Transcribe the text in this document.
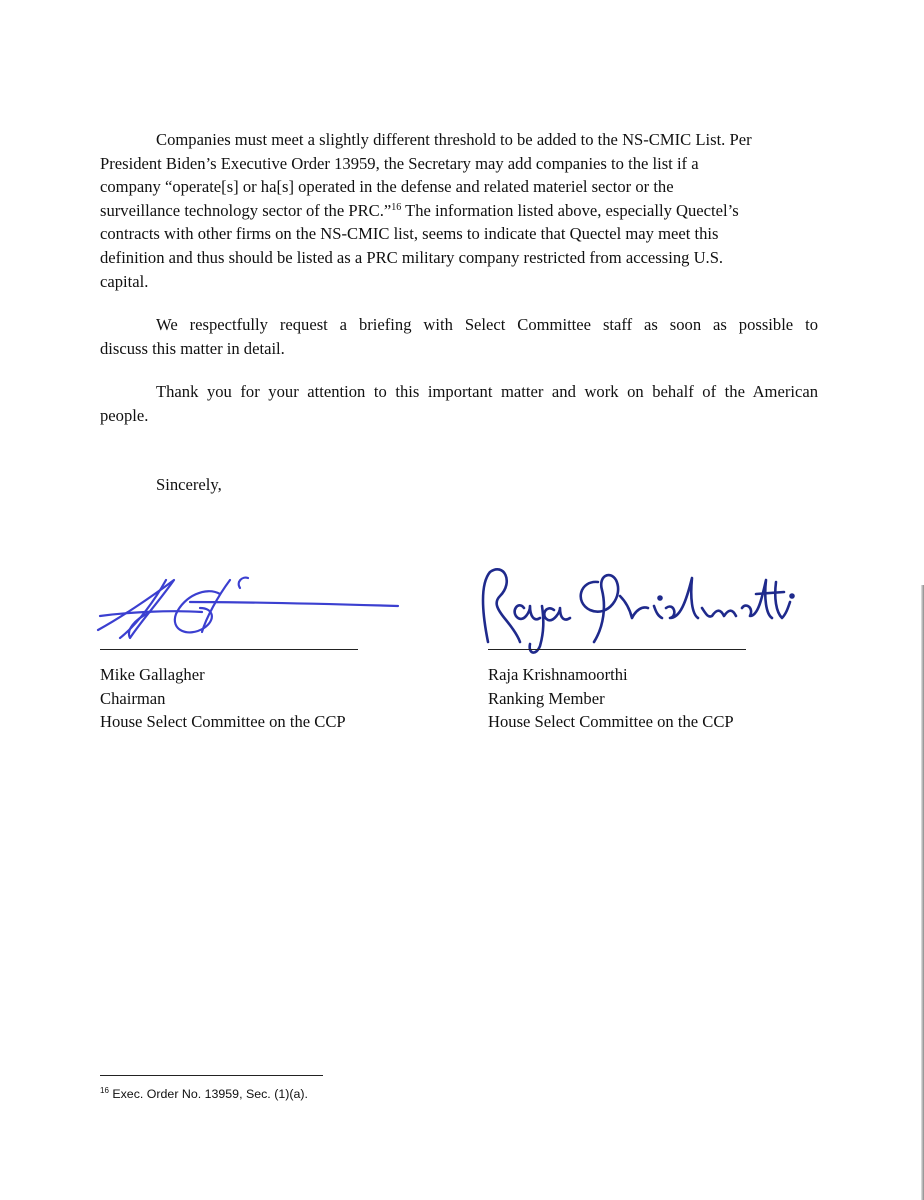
Companies must meet a slightly different threshold to be added to the NS-CMIC List. Per
President Biden’s Executive Order 13959, the Secretary may add companies to the list if a
company “operate[s] or ha[s] operated in the defense and related materiel sector or the
surveillance technology sector of the PRC.”$^{16}$ The information listed above, especially Quectel’s
contracts with other firms on the NS-CMIC list, seems to indicate that Quectel may meet this
definition and thus should be listed as a PRC military company restricted from accessing U.S.
capital.
We respectfully request a briefing with Select Committee staff as soon as possible to
discuss this matter in detail.
Thank you for your attention to this important matter and work on behalf of the American
people.
Sincerely,
Mike Gallagher
Chairman
House Select Committee on the CCP
Raja Krishnamoorthi
Ranking Member
House Select Committee on the CCP
$^{16}$ Exec. Order No. 13959, Sec. (1)(a).
